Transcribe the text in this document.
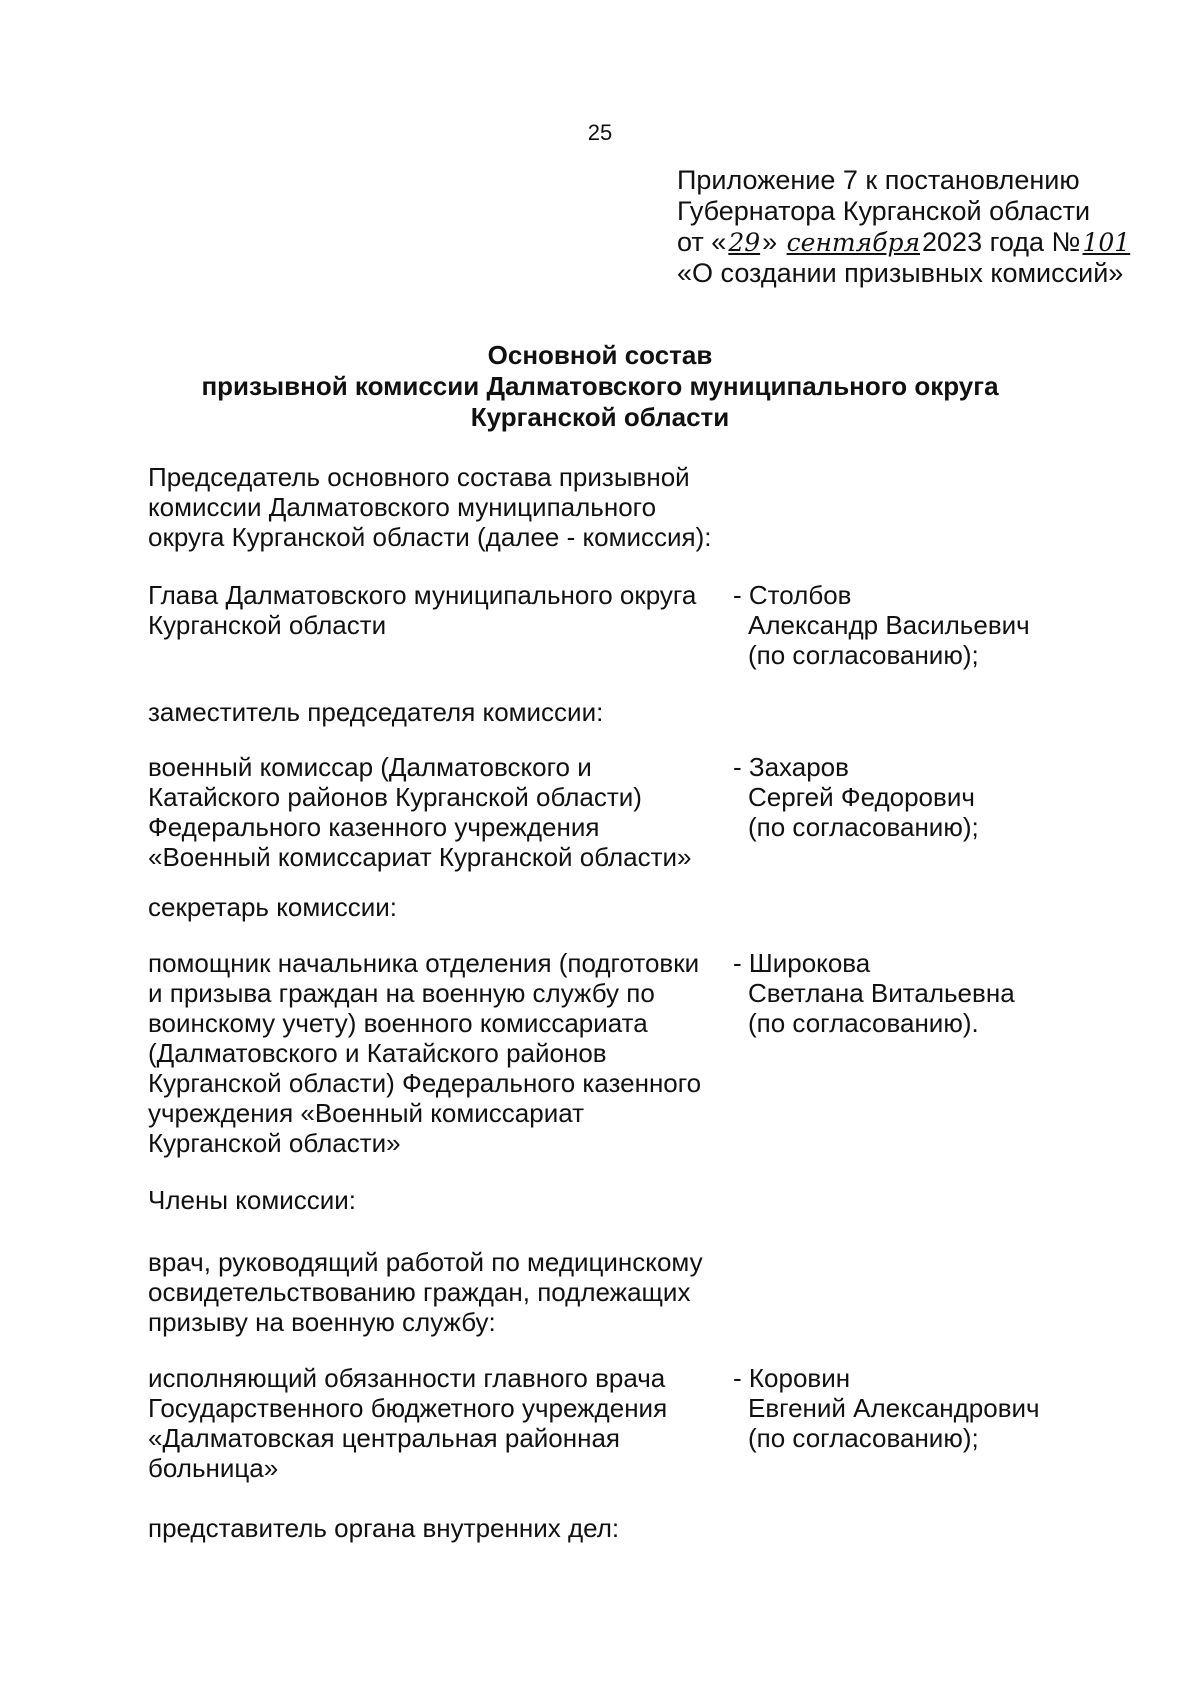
25
Приложение 7 к постановлению
Губернатора Курганской области
от «29» сентября2023 года №101
«О создании призывных комиссий»
Основной состав
призывной комиссии Далматовского муниципального округа
Курганской области
Председатель основного состава призывной
комиссии Далматовского муниципального
округа Курганской области (далее - комиссия):
Глава Далматовского муниципального округа
Курганской области
- Столбов
Александр Васильевич
(по согласованию);
заместитель председателя комиссии:
военный комиссар (Далматовского и
Катайского районов Курганской области)
Федерального казенного учреждения
«Военный комиссариат Курганской области»
- Захаров
Сергей Федорович
(по согласованию);
секретарь комиссии:
помощник начальника отделения (подготовки
и призыва граждан на военную службу по
воинскому учету) военного комиссариата
(Далматовского и Катайского районов
Курганской области) Федерального казенного
учреждения «Военный комиссариат
Курганской области»
- Широкова
Светлана Витальевна
(по согласованию).
Члены комиссии:
врач, руководящий работой по медицинскому
освидетельствованию граждан, подлежащих
призыву на военную службу:
исполняющий обязанности главного врача
Государственного бюджетного учреждения
«Далматовская центральная районная
больница»
- Коровин
Евгений Александрович
(по согласованию);
представитель органа внутренних дел:
